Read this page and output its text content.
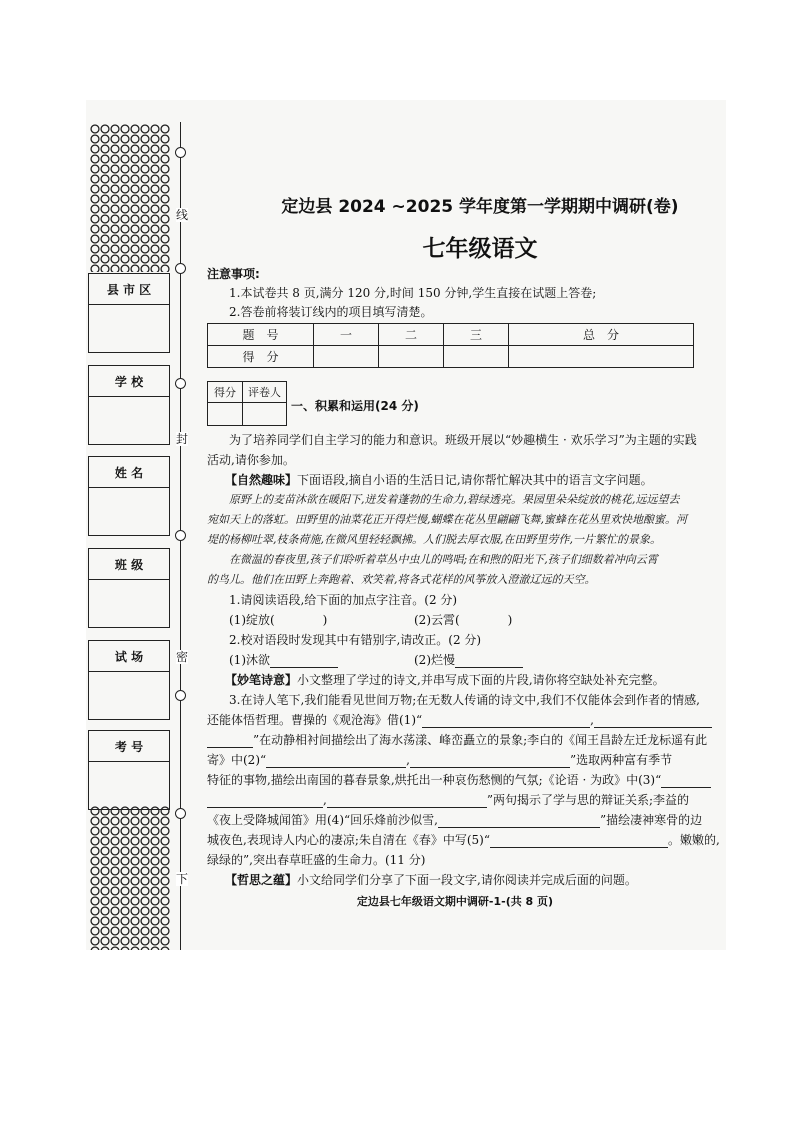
线
封
密
下
县 市 区
学 校
姓 名
班 级
试 场
考 号
定边县 2024 ~2025 学年度第一学期期中调研(卷)
七年级语文
注意事项:
1.本试卷共 8 页,满分 120 分,时间 150 分钟,学生直接在试题上答卷;
2.答卷前将装订线内的项目填写清楚。
题　号	一	二	三	总　分
得　分				
得分	评卷人

一、积累和运用(24 分)
为了培养同学们自主学习的能力和意识。班级开展以“妙趣横生 · 欢乐学习”为主题的实践
活动,请你参加。
【自然趣味】下面语段,摘自小语的生活日记,请你帮忙解决其中的语言文字问题。
原野上的麦苗沐欲在暖阳下,迸发着蓬勃的生命力,碧绿透亮。果园里朵朵绽放的桃花,远远望去
宛如天上的落虹。田野里的油菜花正开得烂慢,蝴蝶在花丛里翩翩飞舞,蜜蜂在花丛里欢快地酿蜜。河
堤的杨柳吐翠,枝条荷施,在微风里轻轻飘拂。人们脱去厚衣服,在田野里劳作,一片繁忙的景象。
在微温的春夜里,孩子们聆听着草丛中虫儿的鸣唱;在和煦的阳光下,孩子们细数着冲向云霄
的鸟儿。他们在田野上奔跑着、欢笑着,将各式花样的风筝放入澄澈辽远的天空。
1.请阅读语段,给下面的加点字注音。(2 分)
(1)绽放(　　　　)	(2)云霄(　　　　)
2.校对语段时发现其中有错别字,请改正。(2 分)
(1)沐欲	(2)烂慢
【妙笔诗意】小文整理了学过的诗文,并串写成下面的片段,请你将空缺处补充完整。
3.在诗人笔下,我们能看见世间万物;在无数人传诵的诗文中,我们不仅能体会到作者的情感,
还能体悟哲理。曹操的《观沧海》借(1)“	,
”在动静相衬间描绘出了海水荡漾、峰峦矗立的景象;李白的《闻王昌龄左迁龙标遥有此
寄》中(2)“	,	”选取两种富有季节
特征的事物,描绘出南国的暮春景象,烘托出一种哀伤愁恻的气氛;《论语 · 为政》中(3)“
,	”两句揭示了学与思的辩证关系;李益的
《夜上受降城闻笛》用(4)“回乐烽前沙似雪,	”描绘凄神寒骨的边
城夜色,表现诗人内心的凄凉;朱自清在《春》中写(5)“	。嫩嫩的,
绿绿的”,突出春草旺盛的生命力。(11 分)
【哲思之蕴】小文给同学们分享了下面一段文字,请你阅读并完成后面的问题。
定边县七年级语文期中调研-1-(共 8 页)
